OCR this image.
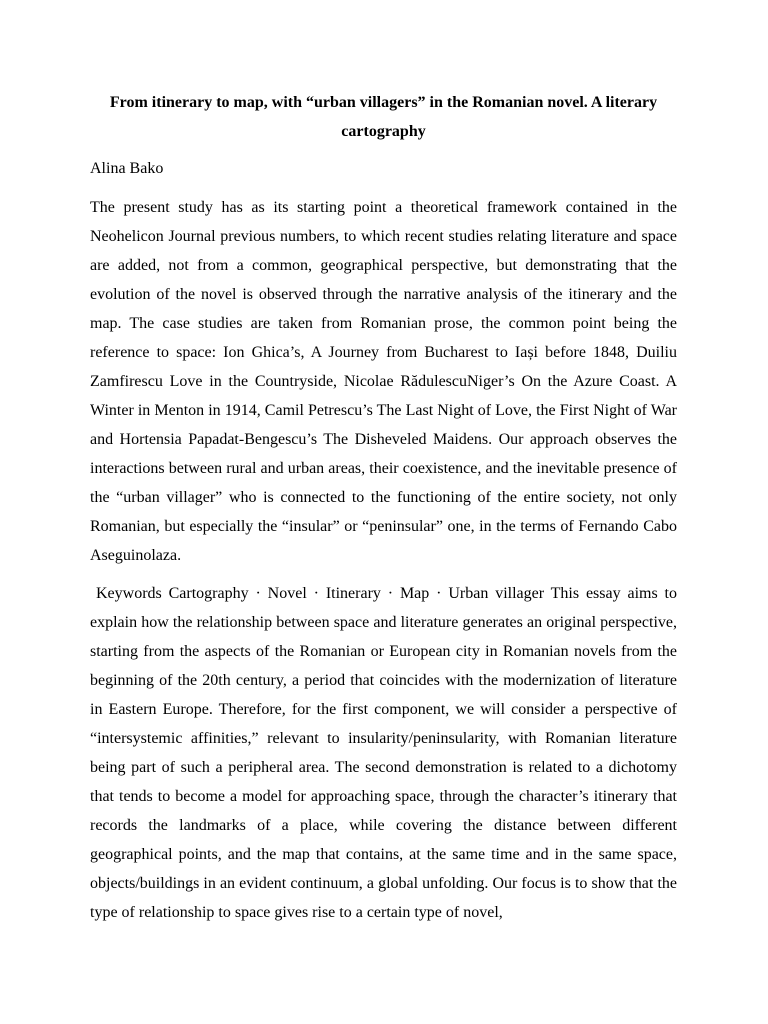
From itinerary to map, with “urban villagers” in the Romanian novel. A literary cartography
Alina Bako

The present study has as its starting point a theoretical framework contained in the Neohelicon Journal previous numbers, to which recent studies relating literature and space are added, not from a common, geographical perspective, but demonstrating that the evolution of the novel is observed through the narrative analysis of the itinerary and the map. The case studies are taken from Romanian prose, the common point being the reference to space: Ion Ghica’s, A Journey from Bucharest to Iași before 1848, Duiliu Zamfirescu Love in the Countryside, Nicolae RădulescuNiger’s On the Azure Coast. A Winter in Menton in 1914, Camil Petrescu’s The Last Night of Love, the First Night of War and Hortensia Papadat-Bengescu’s The Disheveled Maidens. Our approach observes the interactions between rural and urban areas, their coexistence, and the inevitable presence of the “urban villager” who is connected to the functioning of the entire society, not only Romanian, but especially the “insular” or “peninsular” one, in the terms of Fernando Cabo Aseguinolaza.

Keywords Cartography · Novel · Itinerary · Map · Urban villager This essay aims to explain how the relationship between space and literature generates an original perspective, starting from the aspects of the Romanian or European city in Romanian novels from the beginning of the 20th century, a period that coincides with the modernization of literature in Eastern Europe. Therefore, for the first component, we will consider a perspective of “intersystemic affinities,” relevant to insularity/peninsularity, with Romanian literature being part of such a peripheral area. The second demonstration is related to a dichotomy that tends to become a model for approaching space, through the character’s itinerary that records the landmarks of a place, while covering the distance between different geographical points, and the map that contains, at the same time and in the same space, objects/buildings in an evident continuum, a global unfolding. Our focus is to show that the type of relationship to space gives rise to a certain type of novel,
